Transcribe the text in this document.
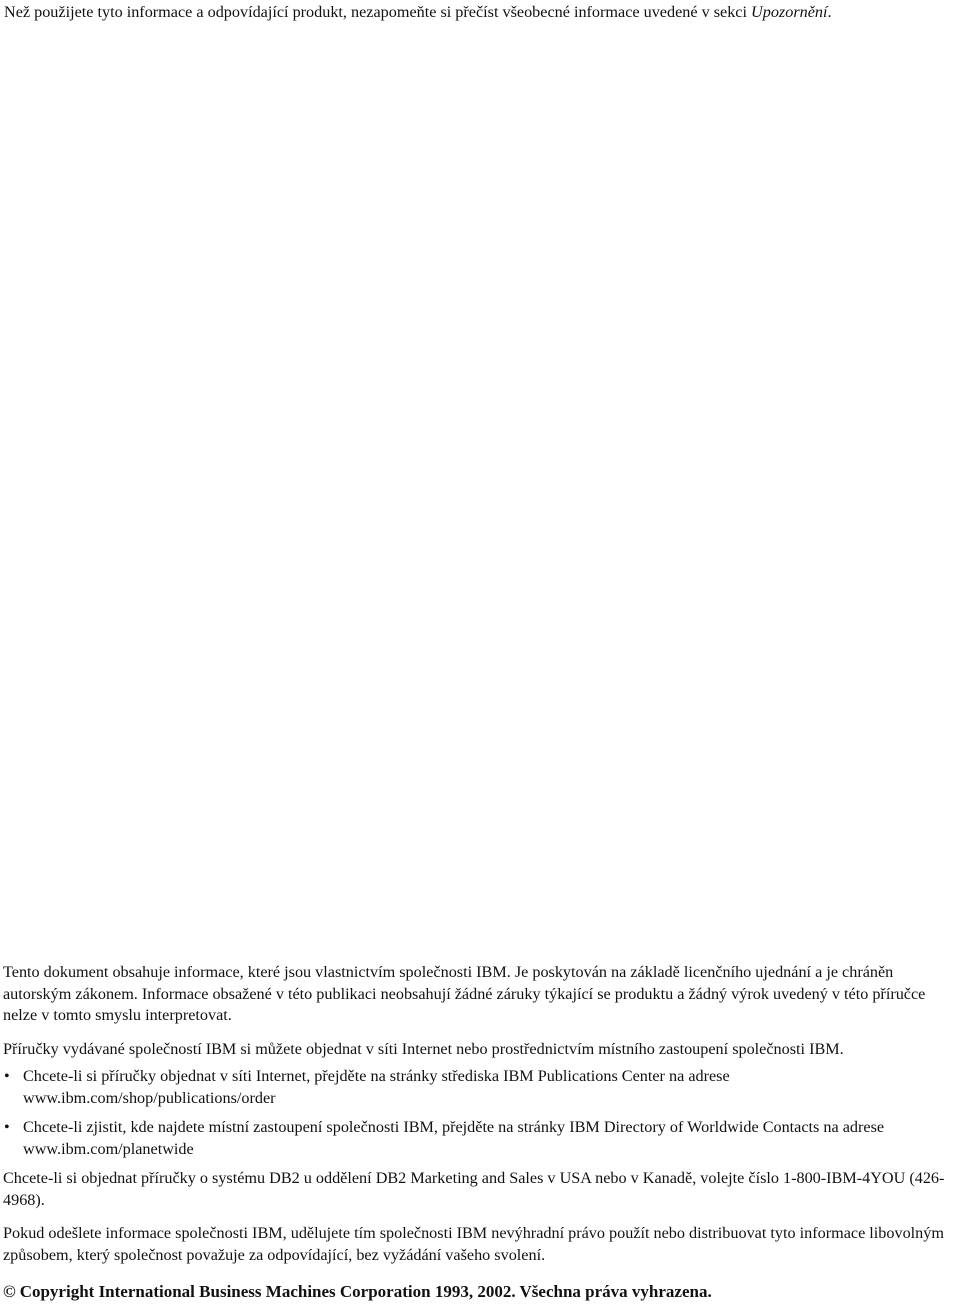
Než použijete tyto informace a odpovídající produkt, nezapomeňte si přečíst všeobecné informace uvedené v sekci Upozornění.

Tento dokument obsahuje informace, které jsou vlastnictvím společnosti IBM. Je poskytován na základě licenčního ujednání a je chráněn autorským zákonem. Informace obsažené v této publikaci neobsahují žádné záruky týkající se produktu a žádný výrok uvedený v této příručce nelze v tomto smyslu interpretovat.

Příručky vydávané společností IBM si můžete objednat v síti Internet nebo prostřednictvím místního zastoupení společnosti IBM.

• Chcete-li si příručky objednat v síti Internet, přejděte na stránky střediska IBM Publications Center na adrese www.ibm.com/shop/publications/order
• Chcete-li zjistit, kde najdete místní zastoupení společnosti IBM, přejděte na stránky IBM Directory of Worldwide Contacts na adrese www.ibm.com/planetwide

Chcete-li si objednat příručky o systému DB2 u oddělení DB2 Marketing and Sales v USA nebo v Kanadě, volejte číslo 1-800-IBM-4YOU (426-4968).

Pokud odešlete informace společnosti IBM, udělujete tím společnosti IBM nevýhradní právo použít nebo distribuovat tyto informace libovolným způsobem, který společnost považuje za odpovídající, bez vyžádání vašeho svolení.

© Copyright International Business Machines Corporation 1993, 2002. Všechna práva vyhrazena.
